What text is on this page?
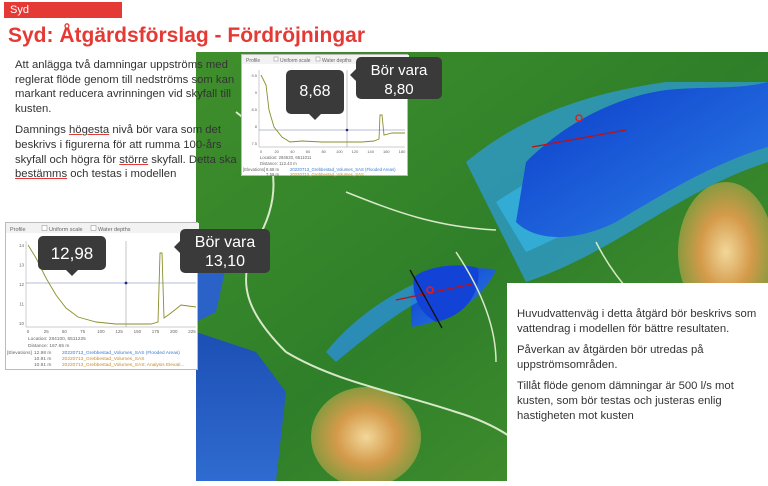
Syd
Syd: Åtgärdsförslag - Fördröjningar

Att anlägga två damningar uppströms med reglerat flöde genom till nedströms som kan markant reducera avrinningen vid skyfall till kusten.

Damnings högesta nivå bör vara som det beskrivs i figurerna för att rumma 100-års skyfall och högra för större skyfall. Detta ska bestämms och testas i modellen

Huvudvattenväg i detta åtgärd bör beskrivs som vattendrag i modellen för bättre resultaten.

Påverkan av åtgärden bör utredas på uppströmsområden.

Tillåt flöde genom dämningar är 500 l/s mot kusten, som bör testas och justeras enlig hastigheten mot kusten

Profile	Uniform scale Water depths
9.5
9
8.5
8
7.5
0	20	40	60	80	100 120 140 160 180
Location: 284620, 6511011
Distance: 112.43 m
[Elevations] 8.68 m
7.59 m
20220713_Grebbestad_Volumes_SAS (Flooded Areas)
20220713_Grebbestad_Volumes_SAS
8,68
Bör vara
8,80
Profile	Uniform scale	Water depths
14
13
12
11
10
0	25	50	75	100 125 150 175 200 225
Location: 284100, 6511225
Distance: 167.65 m
[Elevations] 12.98 m
10.91 m
10.91 m
20220713_Grebbestad_Volumes_SAS (Flooded Areas)
20220713_Grebbestad_Volumes_SAS
20220713_Grebbestad_Volumes_SAS: Analysis Elevati...
12,98
Bör vara
13,10
